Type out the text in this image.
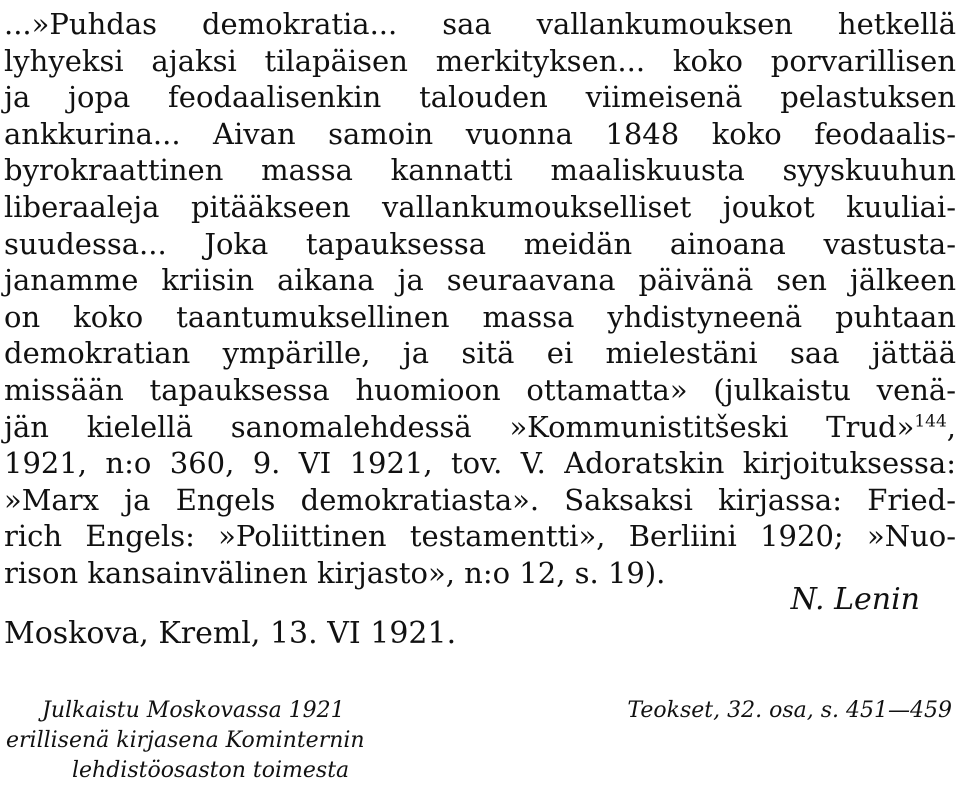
...»Puhdas demokratia... saa vallankumouksen hetkellä
lyhyeksi ajaksi tilapäisen merkityksen... koko porvarillisen
ja jopa feodaalisenkin talouden viimeisenä pelastuksen
ankkurina... Aivan samoin vuonna 1848 koko feodaalis-
byrokraattinen massa kannatti maaliskuusta syyskuuhun
liberaaleja pitääkseen vallankumoukselliset joukot kuuliai-
suudessa... Joka tapauksessa meidän ainoana vastusta-
janamme kriisin aikana ja seuraavana päivänä sen jälkeen
on koko taantumuksellinen massa yhdistyneenä puhtaan
demokratian ympärille, ja sitä ei mielestäni saa jättää
missään tapauksessa huomioon ottamatta» (julkaistu venä-
jän kielellä sanomalehdessä »Kommunistitšeski Trud»$^{144}$,
1921, n:o 360, 9. VI 1921, tov. V. Adoratskin kirjoituksessa:
»Marx ja Engels demokratiasta». Saksaksi kirjassa: Fried-
rich Engels: »Poliittinen testamentti», Berliini 1920; »Nuo-
rison kansainvälinen kirjasto», n:o 12, s. 19).
N. Lenin
Moskova, Kreml, 13. VI 1921.
Julkaistu Moskovassa 1921
erillisenä kirjasena Kominternin
lehdistöosaston toimesta
Teokset, 32. osa, s. 451—459
